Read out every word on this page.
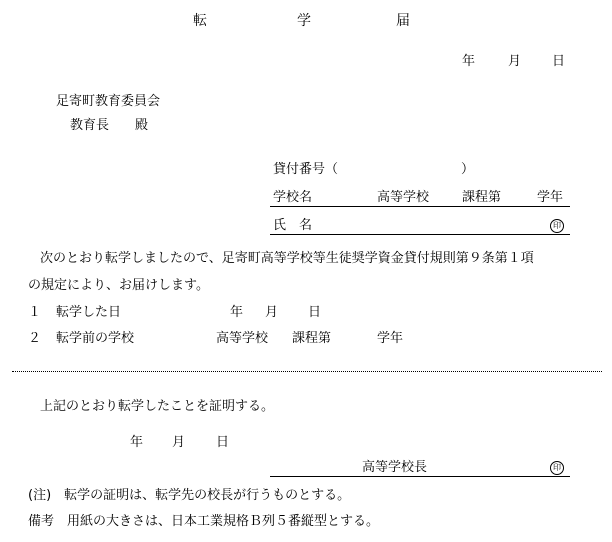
転	学	届
年	月 日
足寄町教育委員会
教育長　　殿
貸付番号（	）
学校名	高等学校	課程第	学年
氏　名	印
次のとおり転学しましたので、足寄町高等学校等生徒奨学資金貸付規則第９条第１項
の規定により、お届けします。
１ 転学した日	年 月 日
２ 転学前の学校	高等学校 課程第	学年
上記のとおり転学したことを証明する。
年 月 日
高等学校長	印
(注)　転学の証明は、転学先の校長が行うものとする。
備考　用紙の大きさは、日本工業規格Ｂ列５番縦型とする。
